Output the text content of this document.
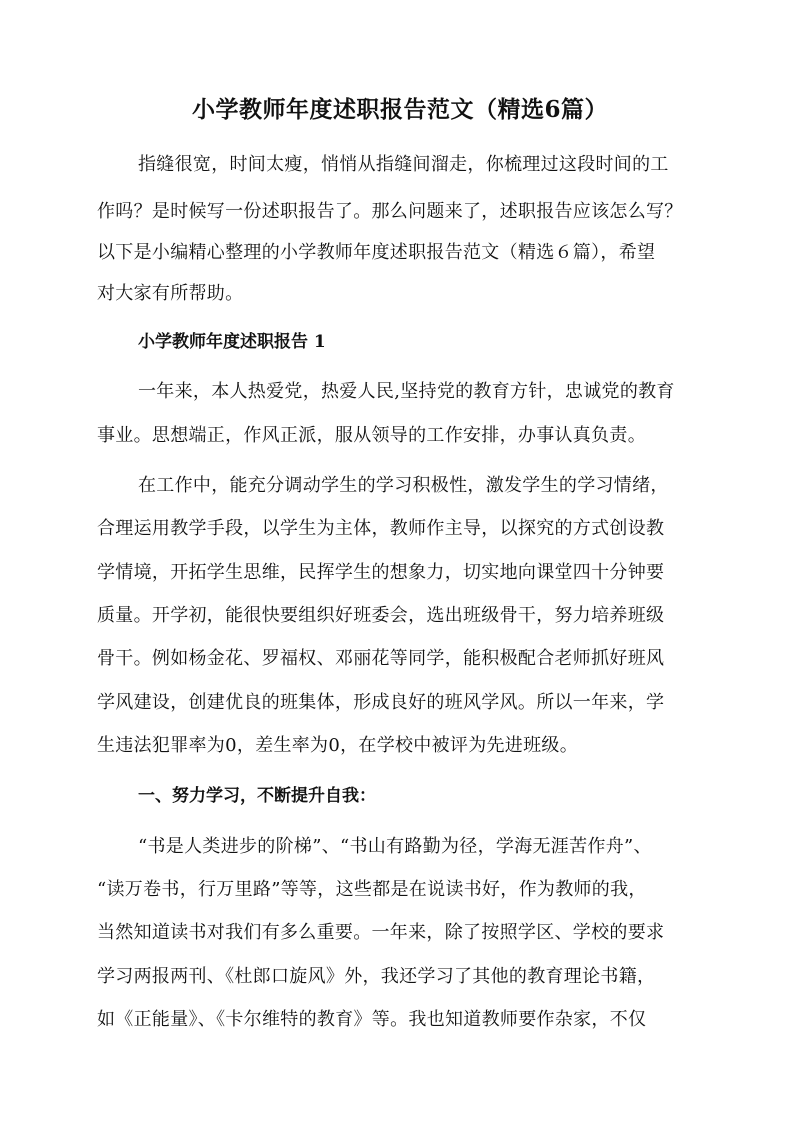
小学教师年度述职报告范文（精选6篇）
指缝很宽，时间太瘦，悄悄从指缝间溜走，你梳理过这段时间的工
作吗？是时候写一份述职报告了。那么问题来了，述职报告应该怎么写？
以下是小编精心整理的小学教师年度述职报告范文（精选６篇），希望
对大家有所帮助。
小学教师年度述职报告 1
一年来，本人热爱党，热爱人民,坚持党的教育方针，忠诚党的教育
事业。思想端正，作风正派，服从领导的工作安排，办事认真负责。
在工作中，能充分调动学生的学习积极性，激发学生的学习情绪，
合理运用教学手段，以学生为主体，教师作主导，以探究的方式创设教
学情境，开拓学生思维，民挥学生的想象力，切实地向课堂四十分钟要
质量。开学初，能很快要组织好班委会，选出班级骨干，努力培养班级
骨干。例如杨金花、罗福权、邓丽花等同学，能积极配合老师抓好班风
学风建设，创建优良的班集体，形成良好的班风学风。所以一年来，学
生违法犯罪率为0，差生率为0，在学校中被评为先进班级。
一、努力学习，不断提升自我：
“书是人类进步的阶梯”、“书山有路勤为径，学海无涯苦作舟”、
“读万卷书，行万里路”等等，这些都是在说读书好，作为教师的我，
当然知道读书对我们有多么重要。一年来，除了按照学区、学校的要求
学习两报两刊、《杜郎口旋风》外，我还学习了其他的教育理论书籍，
如《正能量》、《卡尔维特的教育》等。我也知道教师要作杂家，不仅
